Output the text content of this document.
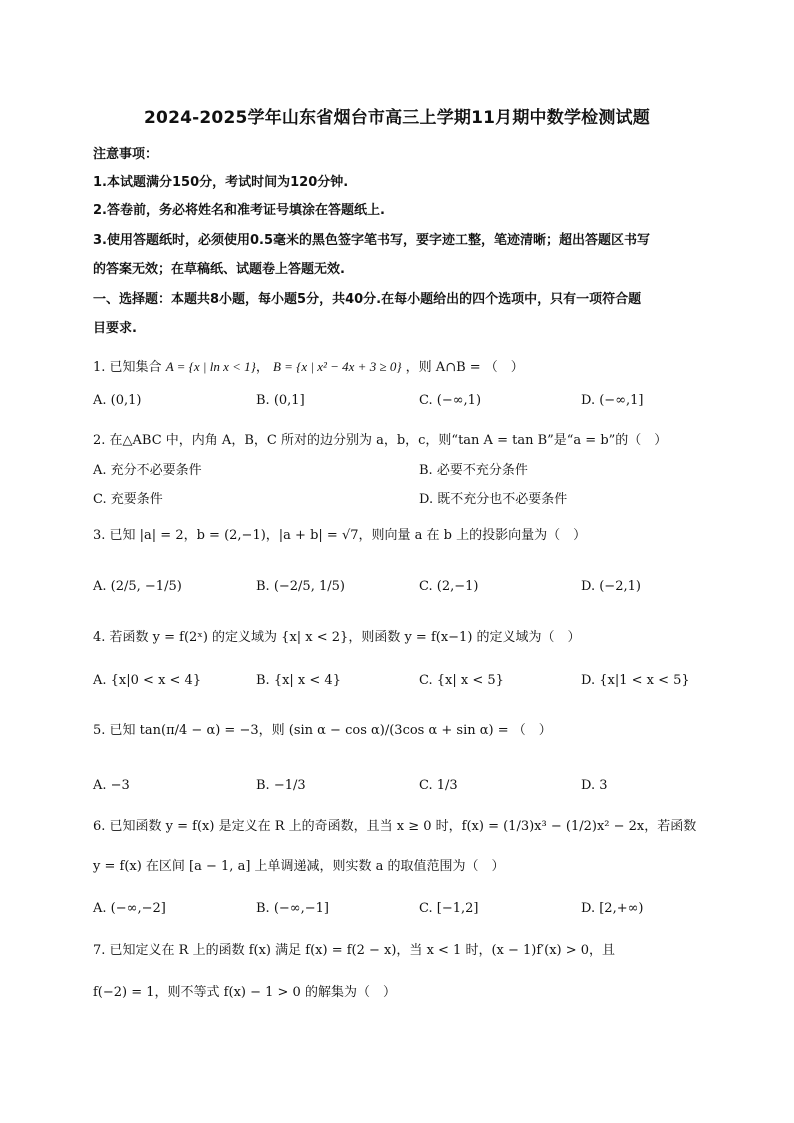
2024-2025学年山东省烟台市高三上学期11月期中数学检测试题
注意事项：
1.本试题满分150分，考试时间为120分钟.
2.答卷前，务必将姓名和准考证号填涂在答题纸上.
3.使用答题纸时，必须使用0.5毫米的黑色签字笔书写，要字迹工整，笔迹清晰；超出答题区书写
的答案无效；在草稿纸、试题卷上答题无效.
一、选择题：本题共8小题，每小题5分，共40分.在每小题给出的四个选项中，只有一项符合题
目要求.
1. 已知集合 A = {x | ln x < 1}， B = {x | x² − 4x + 3 ≥ 0} ，则 A∩B = （　）
A. (0,1)	B. (0,1]	C. (−∞,1)	D. (−∞,1]
2. 在△ABC 中，内角 A，B，C 所对的边分别为 a，b，c，则“tan A = tan B”是“a = b”的（　）
A. 充分不必要条件	B. 必要不充分条件
C. 充要条件	D. 既不充分也不必要条件
3. 已知 |a| = 2，b = (2,−1)，|a + b| = √7，则向量 a 在 b 上的投影向量为（　）
A. (2/5, −1/5)	B. (−2/5, 1/5)	C. (2,−1)	D. (−2,1)
4. 若函数 y = f(2ˣ) 的定义域为 {x| x < 2}，则函数 y = f(x−1) 的定义域为（　）
A. {x|0 < x < 4}	B. {x| x < 4}	C. {x| x < 5}	D. {x|1 < x < 5}
5. 已知 tan(π/4 − α) = −3，则 (sin α − cos α)/(3cos α + sin α) = （　）
A. −3	B. −1/3	C. 1/3	D. 3
6. 已知函数 y = f(x) 是定义在 R 上的奇函数，且当 x ≥ 0 时，f(x) = (1/3)x³ − (1/2)x² − 2x，若函数
y = f(x) 在区间 [a − 1, a] 上单调递减，则实数 a 的取值范围为（　）
A. (−∞,−2]	B. (−∞,−1]	C. [−1,2]	D. [2,+∞)
7. 已知定义在 R 上的函数 f(x) 满足 f(x) = f(2 − x)，当 x < 1 时，(x − 1)f′(x) > 0，且
f(−2) = 1，则不等式 f(x) − 1 > 0 的解集为（　）
